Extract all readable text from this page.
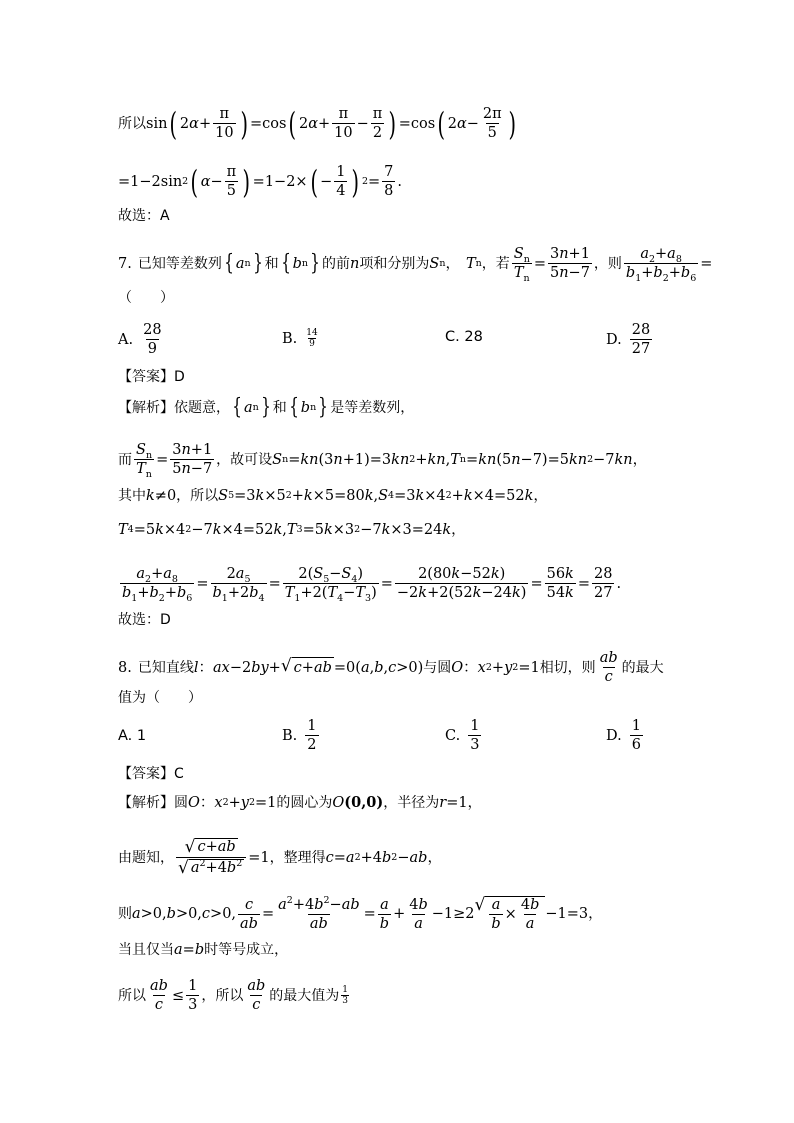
所以 sin ( 2 $\alpha + \frac{\pi}{10}$ ) =cos ( 2 $\alpha + \frac{\pi}{10} - \frac{\pi}{2}$ ) =cos ( 2 $\alpha - \frac{2\pi}{5}$ )
=1−2sin 2 ( $\alpha - \frac{\pi}{5}$ ) =1−2× ( − $\frac{1}{4}$ ) $2 = \frac{7}{8}$ .
故选：A
7. 已知等差数列 { a n } 和 { b n } 的前 n 项和分别为 S n ， T n ，若 $\frac{S_n}{T_n} = \frac{3n+1}{5n-7}$ ，则 $\frac{a_2+a_8}{b_1+b_2+b_6}$ =
（　　）
A. $\frac{28}{9}$	B. $\frac{14}{9}$	C. 28	D. $\frac{28}{27}$
【答案】D
【解析】 依题意， { a n } 和 { b n } 是等差数列，
而 $\frac{S_n}{T_n} = \frac{3n+1}{5n-7}$ ，故可设 S n = kn (3 n +1)=3 kn 2 + kn , T n = kn (5 n −7)=5 kn 2 −7 kn ，
其中 k ≠0 ，所以 S 5 =3 k ×5 2 + k ×5=80 k , S 4 =3 k ×4 2 + k ×4=52 k ，
T 4 =5 k ×4 2 −7 k ×4=52 k , T 3 =5 k ×3 2 −7 k ×3=24 k ，
$\frac{a_2+a_8}{b_1+b_2+b_6} = \frac{2a_5}{b_1+2b_4} = \frac{2(S_5-S_4)}{T_1+2(T_4-T_3)} = \frac{2(80k-52k)}{-2k+2(52k-24k)} = \frac{56k}{54k} = \frac{28}{27}$ .
故选：D
8. 已知直线 l ： ax −2 by + √ c+ab =0( a , b , c >0) 与圆 O ： x 2 + y 2 =1 相切，则 $\frac{ab}{c}$ 的最大
值为（　　）
A. 1	B. $\frac{1}{2}$	C. $\frac{1}{3}$	D. $\frac{1}{6}$
【答案】C
【解析】 圆 O ： x 2 + y 2 =1 的圆心为 O (0,0) ，半径为 r =1，
由题知， $\frac{√ c+ab}{√ a^2+4b^2} =1$ ，整理得 c = a 2 +4 b 2 − ab ，
则 a >0, b >0, c >0, $\frac{c}{ab} = \frac{a^2+4b^2-ab}{ab} = \frac{a}{b} + \frac{4b}{a} -1\ge 2$ √ $\frac{a}{b} \times \frac{4b}{a} -1=3$，
当且仅当 a = b 时等号成立，
所以 $\frac{ab}{c} \le \frac{1}{3}$ ，所以 $\frac{ab}{c}$ 的最大值为 $\frac{1}{3}$
